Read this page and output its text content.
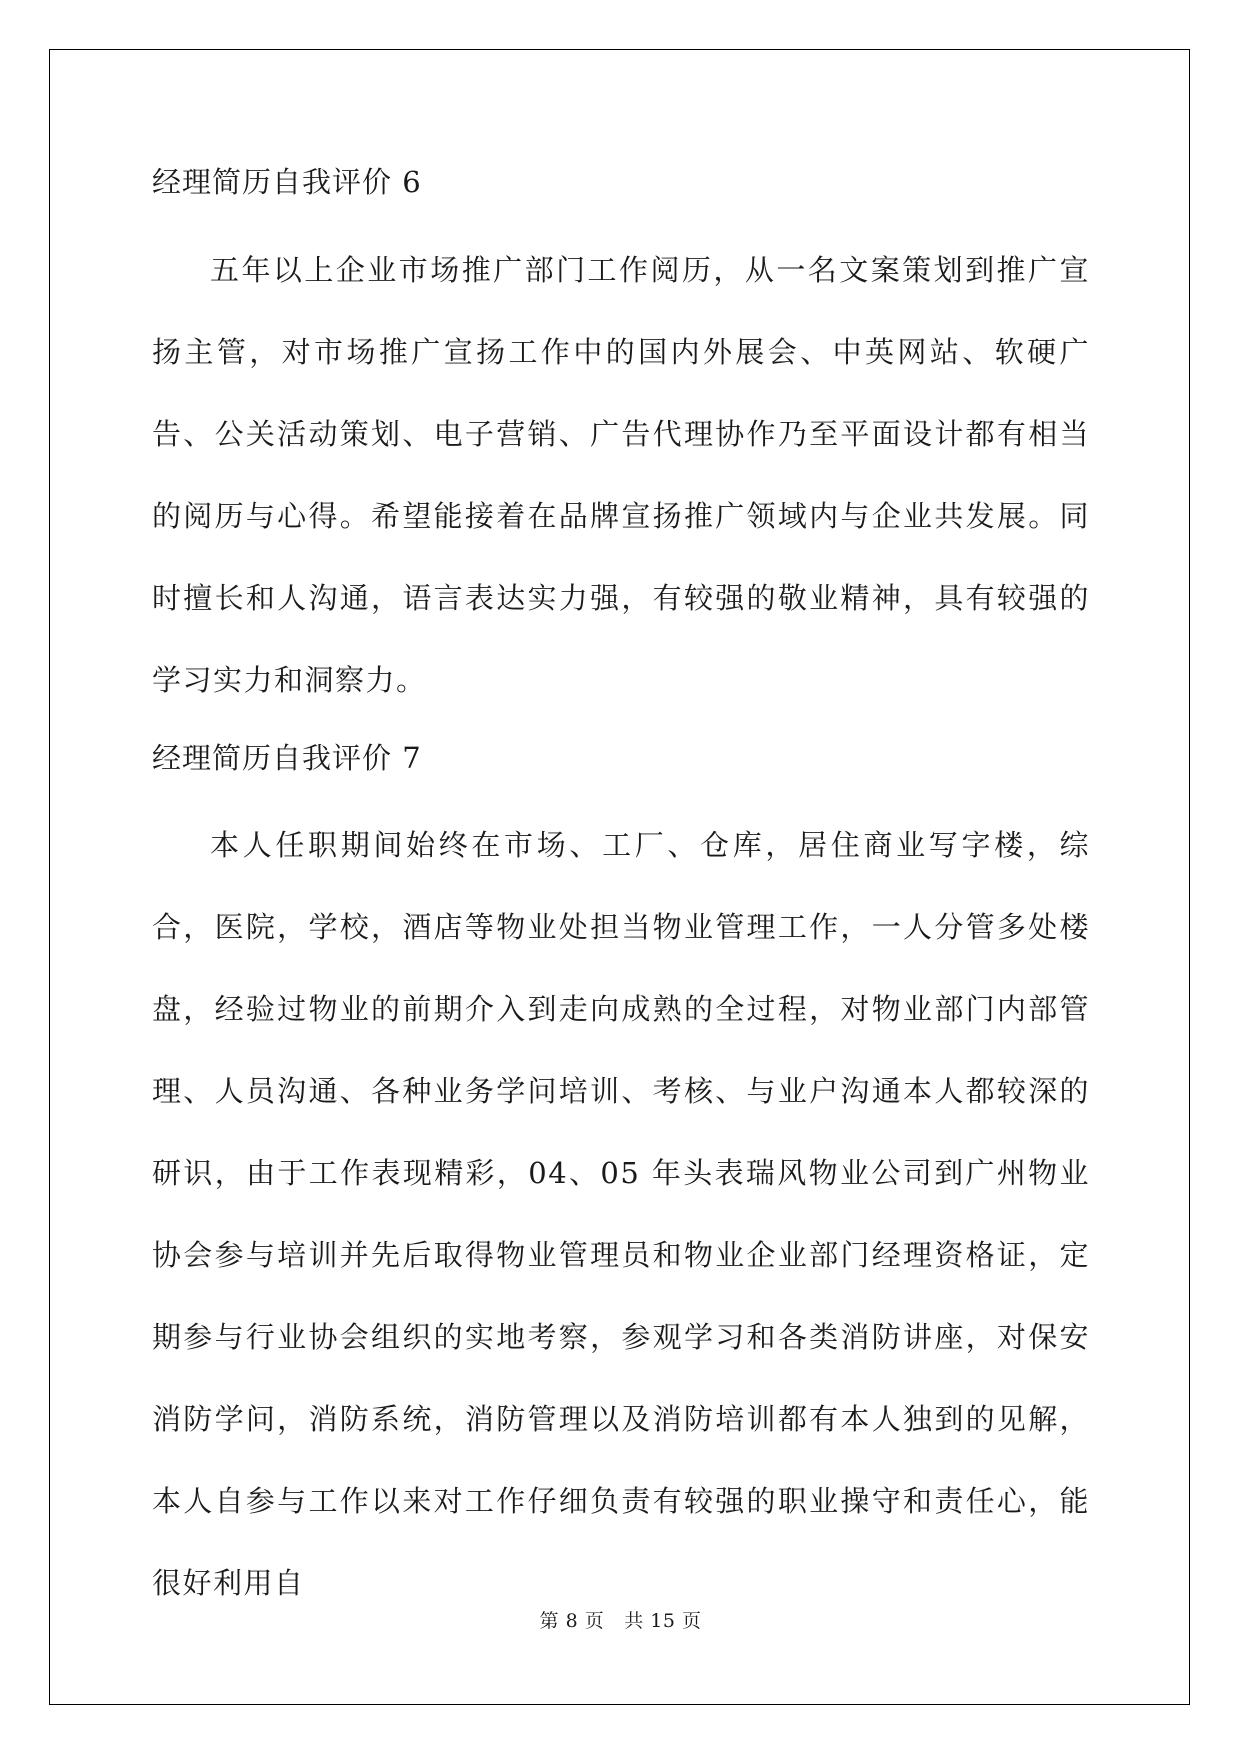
经理简历自我评价 6

五年以上企业市场推广部门工作阅历，从一名文案策划到推广宣扬主管，对市场推广宣扬工作中的国内外展会、中英网站、软硬广告、公关活动策划、电子营销、广告代理协作乃至平面设计都有相当的阅历与心得。希望能接着在品牌宣扬推广领域内与企业共发展。同时擅长和人沟通，语言表达实力强，有较强的敬业精神，具有较强的学习实力和洞察力。

经理简历自我评价 7

本人任职期间始终在市场、工厂、仓库，居住商业写字楼，综合，医院，学校，酒店等物业处担当物业管理工作，一人分管多处楼盘，经验过物业的前期介入到走向成熟的全过程，对物业部门内部管理、人员沟通、各种业务学问培训、考核、与业户沟通本人都较深的研识，由于工作表现精彩，04、05 年头表瑞风物业公司到广州物业协会参与培训并先后取得物业管理员和物业企业部门经理资格证，定期参与行业协会组织的实地考察，参观学习和各类消防讲座，对保安消防学问，消防系统，消防管理以及消防培训都有本人独到的见解，本人自参与工作以来对工作仔细负责有较强的职业操守和责任心，能很好利用自

第 8 页 共 15 页
